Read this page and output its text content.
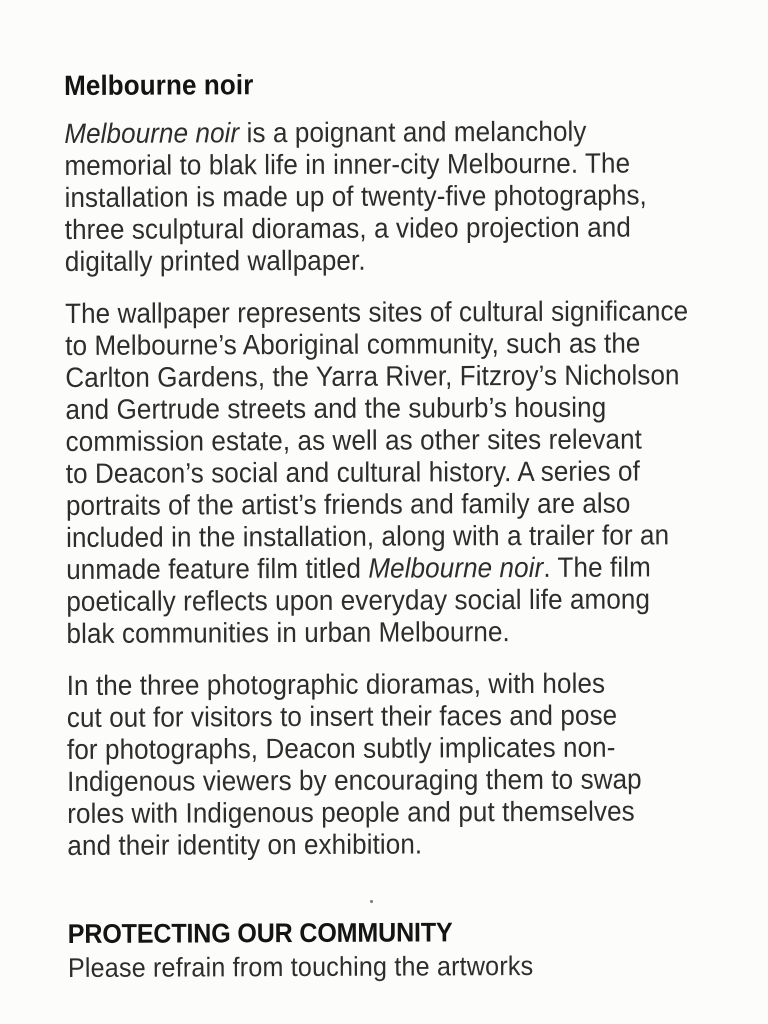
Melbourne noir

Melbourne noir is a poignant and melancholy
memorial to blak life in inner-city Melbourne. The
installation is made up of twenty-five photographs,
three sculptural dioramas, a video projection and
digitally printed wallpaper.

The wallpaper represents sites of cultural significance
to Melbourne’s Aboriginal community, such as the
Carlton Gardens, the Yarra River, Fitzroy’s Nicholson
and Gertrude streets and the suburb’s housing
commission estate, as well as other sites relevant
to Deacon’s social and cultural history. A series of
portraits of the artist’s friends and family are also
included in the installation, along with a trailer for an
unmade feature film titled Melbourne noir. The film
poetically reflects upon everyday social life among
blak communities in urban Melbourne.

In the three photographic dioramas, with holes
cut out for visitors to insert their faces and pose
for photographs, Deacon subtly implicates non-
Indigenous viewers by encouraging them to swap
roles with Indigenous people and put themselves
and their identity on exhibition.

PROTECTING OUR COMMUNITY

Please refrain from touching the artworks
